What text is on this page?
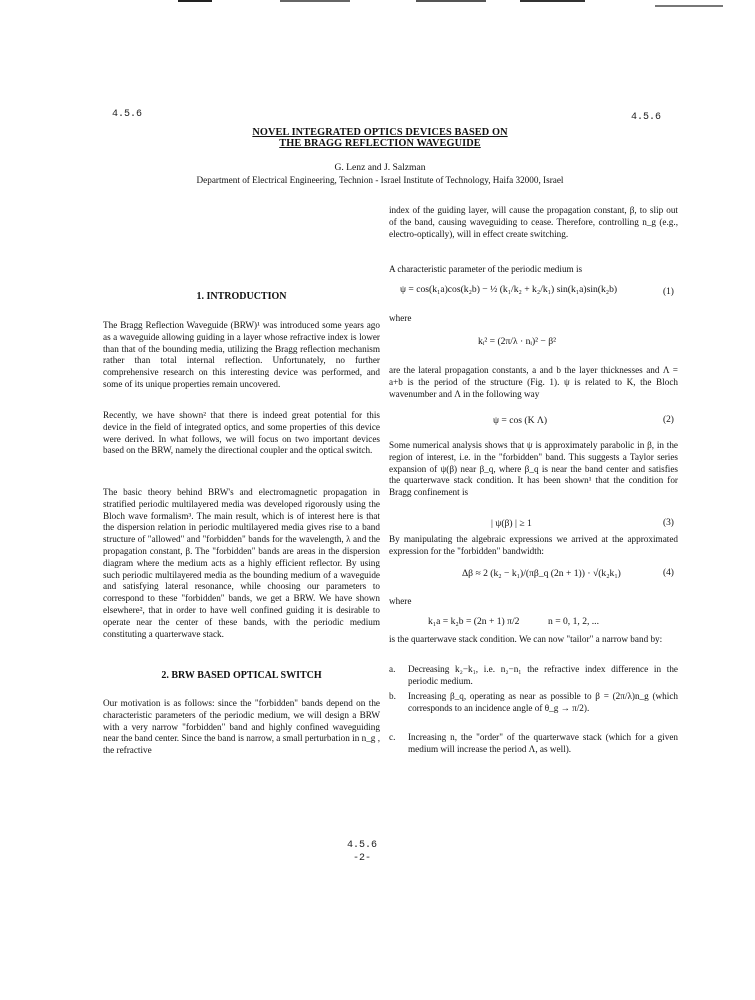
4.5.6	4.5.6
NOVEL INTEGRATED OPTICS DEVICES BASED ON
THE BRAGG REFLECTION WAVEGUIDE
G. Lenz and J. Salzman
Department of Electrical Engineering, Technion - Israel Institute of Technology, Haifa 32000, Israel
1. INTRODUCTION

The Bragg Reflection Waveguide (BRW)¹ was introduced some years ago as a waveguide allowing guiding in a layer whose refractive index is lower than that of the bounding media, utilizing the Bragg reflection mechanism rather than total internal reflection. Unfortunately, no further comprehensive research on this interesting device was performed, and some of its unique properties remain uncovered.

Recently, we have shown² that there is indeed great potential for this device in the field of integrated optics, and some properties of this device were derived. In what follows, we will focus on two important devices based on the BRW, namely the directional coupler and the optical switch.

The basic theory behind BRW's and electromagnetic propagation in stratified periodic multilayered media was developed rigorously using the Bloch wave formalism³. The main result, which is of interest here is that the dispersion relation in periodic multilayered media gives rise to a band structure of "allowed" and "forbidden" bands for the wavelength, λ and the propagation constant, β. The "forbidden" bands are areas in the dispersion diagram where the medium acts as a highly efficient reflector. By using such periodic multilayered media as the bounding medium of a waveguide and satisfying lateral resonance, while choosing our parameters to correspond to these "forbidden" bands, we get a BRW. We have shown elsewhere², that in order to have well confined guiding it is desirable to operate near the center of these bands, with the periodic medium constituting a quarterwave stack.

2. BRW BASED OPTICAL SWITCH

Our motivation is as follows: since the "forbidden" bands depend on the characteristic parameters of the periodic medium, we will design a BRW with a very narrow "forbidden" band and highly confined waveguiding near the band center. Since the band is narrow, a small perturbation in n_g , the refractive

index of the guiding layer, will cause the propagation constant, β, to slip out of the band, causing waveguiding to cease. Therefore, controlling n_g (e.g., electro-optically), will in effect create switching.

A characteristic parameter of the periodic medium is

ψ = cos(k₁a)cos(k₂b) − ½ (k₁/k₂ + k₂/k₁) sin(k₁a)sin(k₂b)	(1)

where

kᵢ² = (2π/λ · nᵢ)² − β²

are the lateral propagation constants, a and b the layer thicknesses and Λ = a+b is the period of the structure (Fig. 1). ψ is related to K, the Bloch wavenumber and Λ in the following way

ψ = cos (K Λ)	(2)

Some numerical analysis shows that ψ is approximately parabolic in β, in the region of interest, i.e. in the "forbidden" band. This suggests a Taylor series expansion of ψ(β) near β_q, where β_q is near the band center and satisfies the quarterwave stack condition. It has been shown¹ that the condition for Bragg confinement is

| ψ(β) | ≥ 1	(3)

By manipulating the algebraic expressions we arrived at the approximated expression for the "forbidden" bandwidth:

Δβ ≈ 2 (k₂ − k₁)/(πβ_q (2n + 1)) · √(k₂k₁)	(4)

where

k₁a = k₂b = (2n + 1) π/2	n = 0, 1, 2, ...

is the quarterwave stack condition. We can now "tailor" a narrow band by:

a. Decreasing k₂−k₁, i.e. n₂−n₁ the refractive index difference in the periodic medium.
b. Increasing β_q, operating as near as possible to β = (2π/λ)n_g (which corresponds to an incidence angle of θ_g → π/2).
c. Increasing n, the "order" of the quarterwave stack (which for a given medium will increase the period Λ, as well).
4.5.6
-2-
